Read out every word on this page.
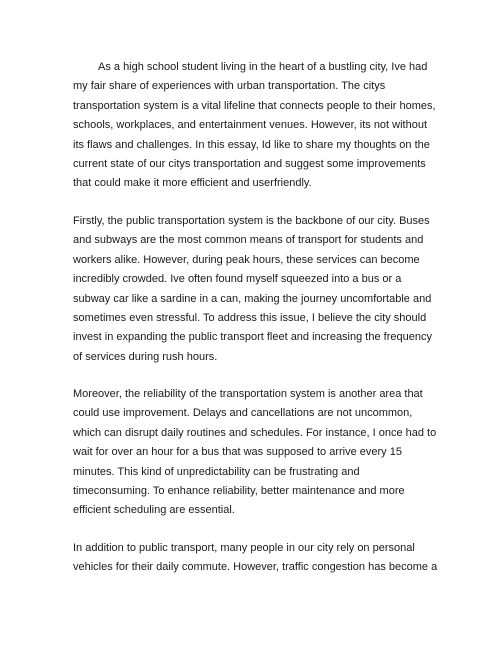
As a high school student living in the heart of a bustling city, Ive had
my fair share of experiences with urban transportation. The citys
transportation system is a vital lifeline that connects people to their homes,
schools, workplaces, and entertainment venues. However, its not without
its flaws and challenges. In this essay, Id like to share my thoughts on the
current state of our citys transportation and suggest some improvements
that could make it more efficient and userfriendly.
Firstly, the public transportation system is the backbone of our city. Buses
and subways are the most common means of transport for students and
workers alike. However, during peak hours, these services can become
incredibly crowded. Ive often found myself squeezed into a bus or a
subway car like a sardine in a can, making the journey uncomfortable and
sometimes even stressful. To address this issue, I believe the city should
invest in expanding the public transport fleet and increasing the frequency
of services during rush hours.
Moreover, the reliability of the transportation system is another area that
could use improvement. Delays and cancellations are not uncommon,
which can disrupt daily routines and schedules. For instance, I once had to
wait for over an hour for a bus that was supposed to arrive every 15
minutes. This kind of unpredictability can be frustrating and
timeconsuming. To enhance reliability, better maintenance and more
efficient scheduling are essential.
In addition to public transport, many people in our city rely on personal
vehicles for their daily commute. However, traffic congestion has become a
